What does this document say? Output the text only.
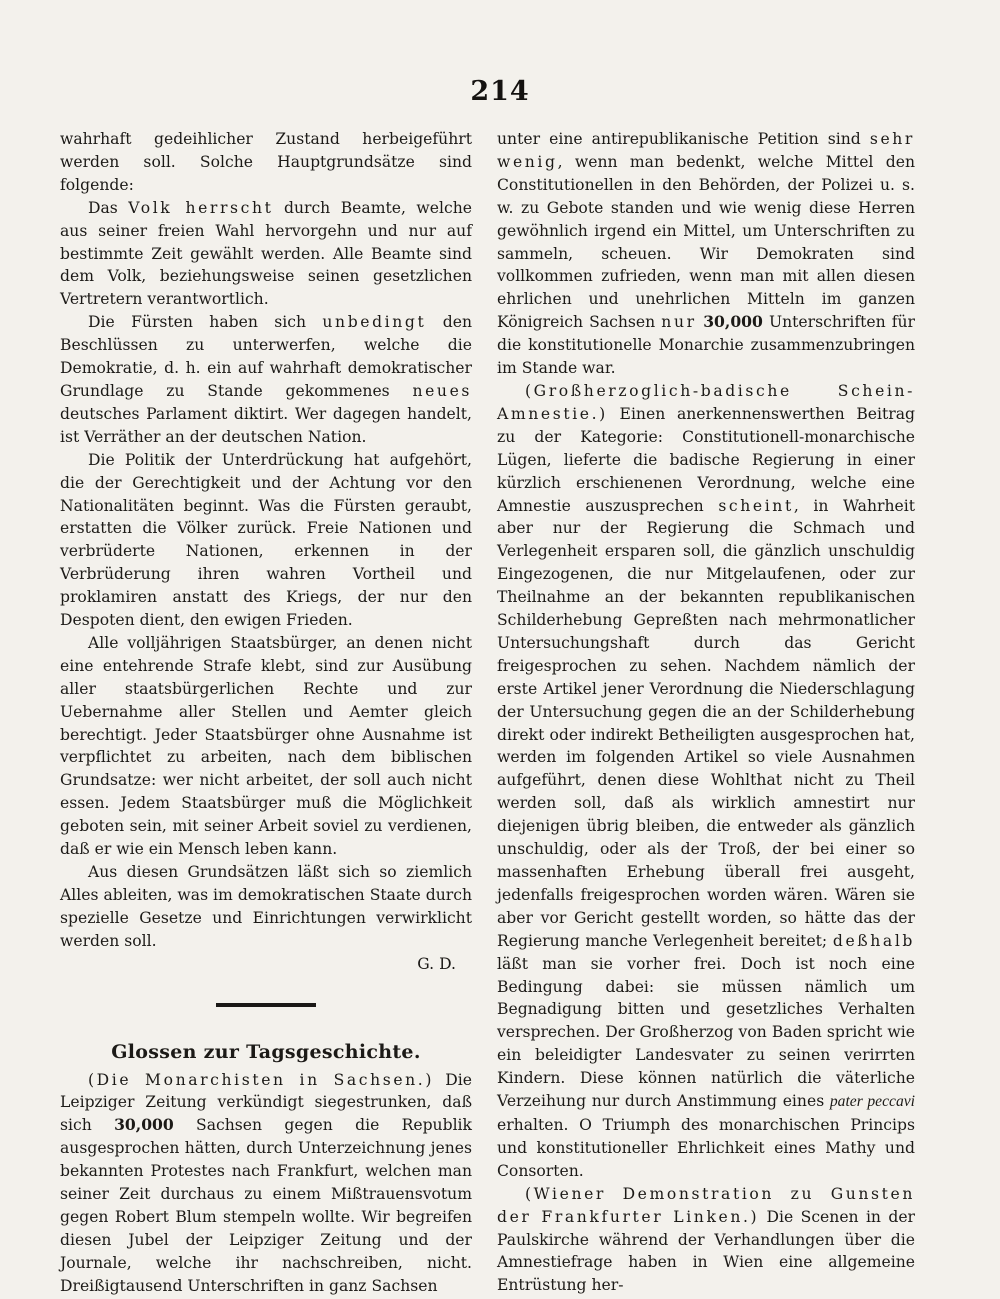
214

wahrhaft gedeihlicher Zustand herbeigeführt werden soll. Solche Hauptgrundsätze sind folgende:

Das Volk herrscht durch Beamte, welche aus seiner freien Wahl hervorgehn und nur auf bestimmte Zeit gewählt werden. Alle Beamte sind dem Volk, beziehungsweise seinen gesetzlichen Vertretern verantwortlich.

Die Fürsten haben sich unbedingt den Beschlüssen zu unterwerfen, welche die Demokratie, d. h. ein auf wahrhaft demokratischer Grundlage zu Stande gekommenes neues deutsches Parlament diktirt. Wer dagegen handelt, ist Verräther an der deutschen Nation.

Die Politik der Unterdrückung hat aufgehört, die der Gerechtigkeit und der Achtung vor den Nationalitäten beginnt. Was die Fürsten geraubt, erstatten die Völker zurück. Freie Nationen und verbrüderte Nationen, erkennen in der Verbrüderung ihren wahren Vortheil und proklamiren anstatt des Kriegs, der nur den Despoten dient, den ewigen Frieden.

Alle volljährigen Staatsbürger, an denen nicht eine entehrende Strafe klebt, sind zur Ausübung aller staatsbürgerlichen Rechte und zur Uebernahme aller Stellen und Aemter gleich berechtigt. Jeder Staatsbürger ohne Ausnahme ist verpflichtet zu arbeiten, nach dem biblischen Grundsatze: wer nicht arbeitet, der soll auch nicht essen. Jedem Staatsbürger muß die Möglichkeit geboten sein, mit seiner Arbeit soviel zu verdienen, daß er wie ein Mensch leben kann.

Aus diesen Grundsätzen läßt sich so ziemlich Alles ableiten, was im demokratischen Staate durch spezielle Gesetze und Einrichtungen verwirklicht werden soll.

G. D.

Glossen zur Tagsgeschichte.

(Die Monarchisten in Sachsen.) Die Leipziger Zeitung verkündigt siegestrunken, daß sich 30,000 Sachsen gegen die Republik ausgesprochen hätten, durch Unterzeichnung jenes bekannten Protestes nach Frankfurt, welchen man seiner Zeit durchaus zu einem Mißtrauensvotum gegen Robert Blum stempeln wollte. Wir begreifen diesen Jubel der Leipziger Zeitung und der Journale, welche ihr nachschreiben, nicht. Dreißigtausend Unterschriften in ganz Sachsen

unter eine antirepublikanische Petition sind sehr wenig, wenn man bedenkt, welche Mittel den Constitutionellen in den Behörden, der Polizei u. s. w. zu Gebote standen und wie wenig diese Herren gewöhnlich irgend ein Mittel, um Unterschriften zu sammeln, scheuen. Wir Demokraten sind vollkommen zufrieden, wenn man mit allen diesen ehrlichen und unehrlichen Mitteln im ganzen Königreich Sachsen nur 30,000 Unterschriften für die konstitutionelle Monarchie zusammenzubringen im Stande war.

(Großherzoglich-badische Schein-Amnestie.) Einen anerkennenswerthen Beitrag zu der Kategorie: Constitutionell-monarchische Lügen, lieferte die badische Regierung in einer kürzlich erschienenen Verordnung, welche eine Amnestie auszusprechen scheint, in Wahrheit aber nur der Regierung die Schmach und Verlegenheit ersparen soll, die gänzlich unschuldig Eingezogenen, die nur Mitgelaufenen, oder zur Theilnahme an der bekannten republikanischen Schilderhebung Gepreßten nach mehrmonatlicher Untersuchungshaft durch das Gericht freigesprochen zu sehen. Nachdem nämlich der erste Artikel jener Verordnung die Niederschlagung der Untersuchung gegen die an der Schilderhebung direkt oder indirekt Betheiligten ausgesprochen hat, werden im folgenden Artikel so viele Ausnahmen aufgeführt, denen diese Wohlthat nicht zu Theil werden soll, daß als wirklich amnestirt nur diejenigen übrig bleiben, die entweder als gänzlich unschuldig, oder als der Troß, der bei einer so massenhaften Erhebung überall frei ausgeht, jedenfalls freigesprochen worden wären. Wären sie aber vor Gericht gestellt worden, so hätte das der Regierung manche Verlegenheit bereitet; deßhalb läßt man sie vorher frei. Doch ist noch eine Bedingung dabei: sie müssen nämlich um Begnadigung bitten und gesetzliches Verhalten versprechen. Der Großherzog von Baden spricht wie ein beleidigter Landesvater zu seinen verirrten Kindern. Diese können natürlich die väterliche Verzeihung nur durch Anstimmung eines pater peccavi erhalten. O Triumph des monarchischen Princips und konstitutioneller Ehrlichkeit eines Mathy und Consorten.

(Wiener Demonstration zu Gunsten der Frankfurter Linken.) Die Scenen in der Paulskirche während der Verhandlungen über die Amnestiefrage haben in Wien eine allgemeine Entrüstung her-
